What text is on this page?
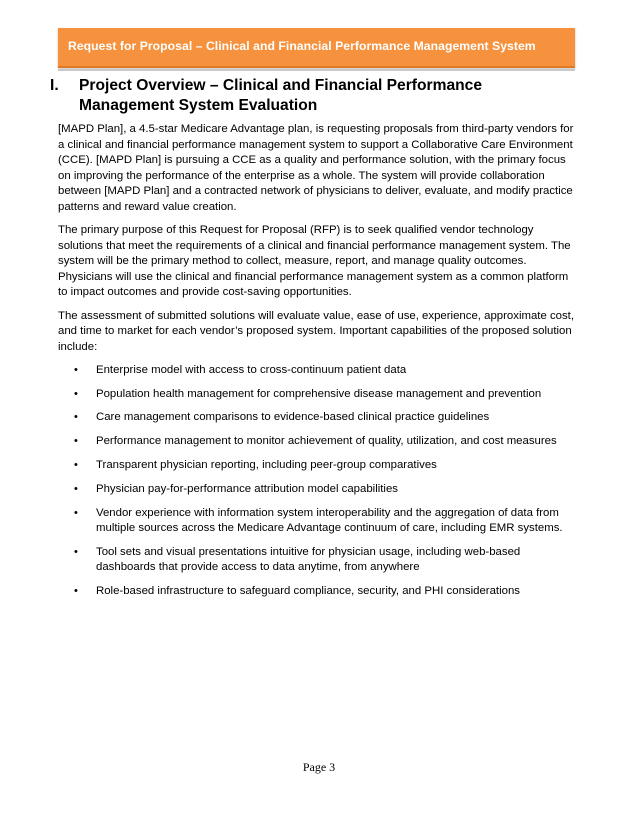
Request for Proposal – Clinical and Financial Performance Management System
I.	Project Overview – Clinical and Financial Performance Management System Evaluation

[MAPD Plan], a 4.5-star Medicare Advantage plan, is requesting proposals from third-party vendors for a clinical and financial performance management system to support a Collaborative Care Environment (CCE). [MAPD Plan] is pursuing a CCE as a quality and performance solution, with the primary focus on improving the performance of the enterprise as a whole. The system will provide collaboration between [MAPD Plan] and a contracted network of physicians to deliver, evaluate, and modify practice patterns and reward value creation.

The primary purpose of this Request for Proposal (RFP) is to seek qualified vendor technology solutions that meet the requirements of a clinical and financial performance management system. The system will be the primary method to collect, measure, report, and manage quality outcomes. Physicians will use the clinical and financial performance management system as a common platform to impact outcomes and provide cost-saving opportunities.

The assessment of submitted solutions will evaluate value, ease of use, experience, approximate cost, and time to market for each vendor’s proposed system. Important capabilities of the proposed solution include:

• Enterprise model with access to cross-continuum patient data
• Population health management for comprehensive disease management and prevention
• Care management comparisons to evidence-based clinical practice guidelines
• Performance management to monitor achievement of quality, utilization, and cost measures
• Transparent physician reporting, including peer-group comparatives
• Physician pay-for-performance attribution model capabilities
• Vendor experience with information system interoperability and the aggregation of data from multiple sources across the Medicare Advantage continuum of care, including EMR systems.
• Tool sets and visual presentations intuitive for physician usage, including web-based dashboards that provide access to data anytime, from anywhere
• Role-based infrastructure to safeguard compliance, security, and PHI considerations
Page 3
